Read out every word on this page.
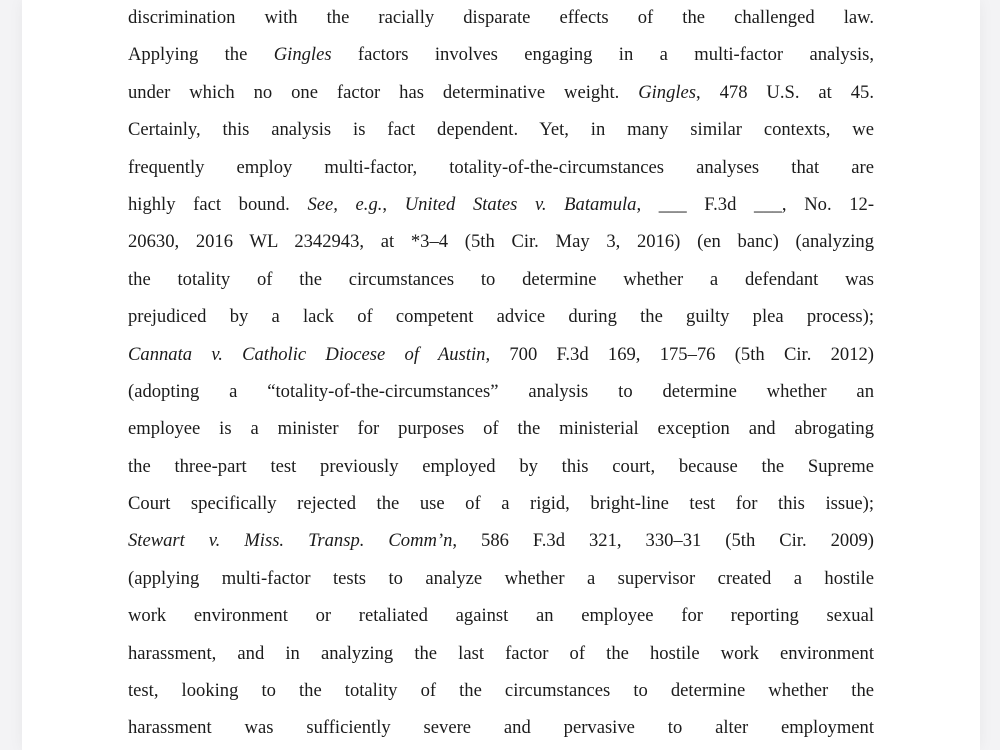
discrimination with the racially disparate effects of the challenged law.
Applying the Gingles factors involves engaging in a multi-factor analysis,
under which no one factor has determinative weight. Gingles, 478 U.S. at 45.
Certainly, this analysis is fact dependent. Yet, in many similar contexts, we
frequently employ multi-factor, totality-of-the-circumstances analyses that are
highly fact bound. See, e.g., United States v. Batamula, ___ F.3d ___, No. 12-
20630, 2016 WL 2342943, at *3–4 (5th Cir. May 3, 2016) (en banc) (analyzing
the totality of the circumstances to determine whether a defendant was
prejudiced by a lack of competent advice during the guilty plea process);
Cannata v. Catholic Diocese of Austin, 700 F.3d 169, 175–76 (5th Cir. 2012)
(adopting a “totality-of-the-circumstances” analysis to determine whether an
employee is a minister for purposes of the ministerial exception and abrogating
the three-part test previously employed by this court, because the Supreme
Court specifically rejected the use of a rigid, bright-line test for this issue);
Stewart v. Miss. Transp. Comm’n, 586 F.3d 321, 330–31 (5th Cir. 2009)
(applying multi-factor tests to analyze whether a supervisor created a hostile
work environment or retaliated against an employee for reporting sexual
harassment, and in analyzing the last factor of the hostile work environment
test, looking to the totality of the circumstances to determine whether the
harassment was sufficiently severe and pervasive to alter employment
